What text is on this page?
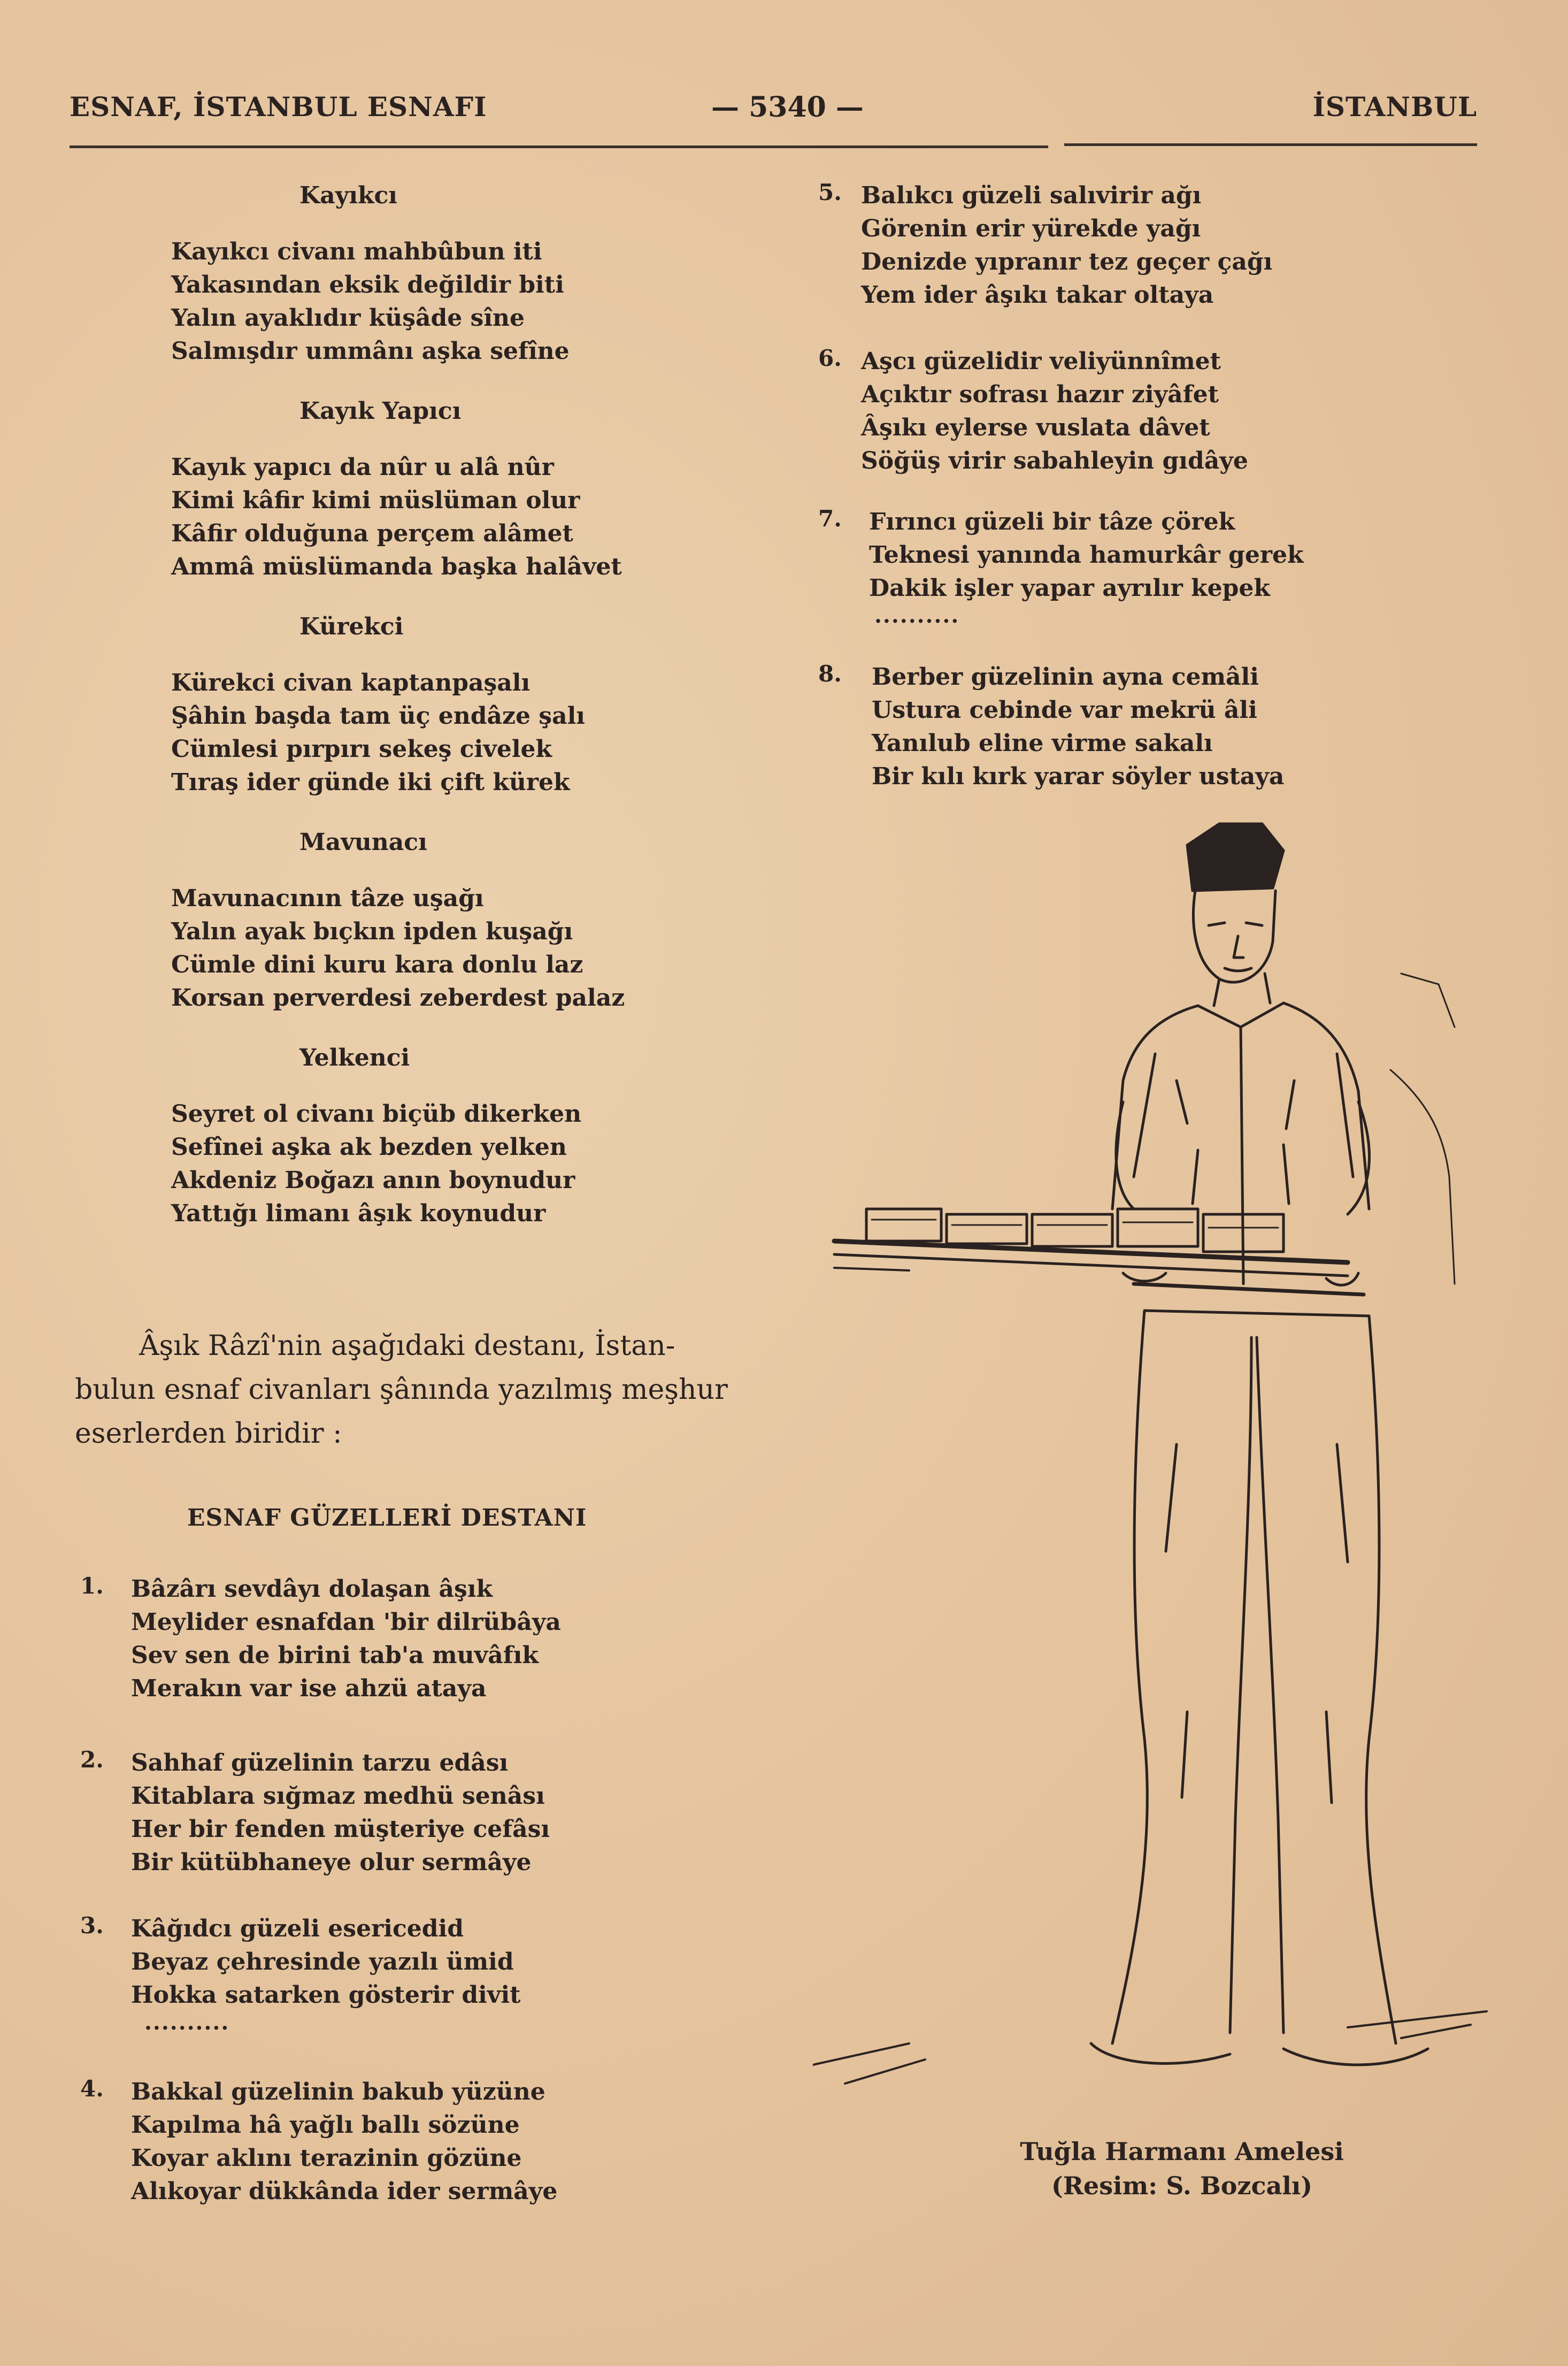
ESNAF, İSTANBUL ESNAFI	— 5340 —	İSTANBUL
Kayıkcı
Kayıkcı civanı mahbûbun iti
Yakasından eksik değildir biti
Yalın ayaklıdır küşâde sîne
Salmışdır ummânı aşka sefîne
Kayık Yapıcı
Kayık yapıcı da nûr u alâ nûr
Kimi kâfir kimi müslüman olur
Kâfir olduğuna perçem alâmet
Ammâ müslümanda başka halâvet
Kürekci
Kürekci civan kaptanpaşalı
Şâhin başda tam üç endâze şalı
Cümlesi pırpırı sekeş civelek
Tıraş ider günde iki çift kürek
Mavunacı
Mavunacının tâze uşağı
Yalın ayak bıçkın ipden kuşağı
Cümle dini kuru kara donlu laz
Korsan perverdesi zeberdest palaz
Yelkenci
Seyret ol civanı biçüb dikerken
Sefînei aşka ak bezden yelken
Akdeniz Boğazı anın boynudur
Yattığı limanı âşık koynudur
Âşık Râzî'nin aşağıdaki destanı, İstan-
bulun esnaf civanları şânında yazılmış meşhur
eserlerden biridir :
ESNAF GÜZELLERİ DESTANI
1. Bâzârı sevdâyı dolaşan âşık
Meylider esnafdan 'bir dilrübâya
Sev sen de birini tab'a muvâfık
Merakın var ise ahzü ataya
2. Sahhaf güzelinin tarzu edâsı
Kitablara sığmaz medhü senâsı
Her bir fenden müşteriye cefâsı
Bir kütübhaneye olur sermâye
3. Kâğıdcı güzeli esericedid
Beyaz çehresinde yazılı ümid
Hokka satarken gösterir divit
..........
4. Bakkal güzelinin bakub yüzüne
Kapılma hâ yağlı ballı sözüne
Koyar aklını terazinin gözüne
Alıkoyar dükkânda ider sermâye
5. Balıkcı güzeli salıvirir ağı
Görenin erir yürekde yağı
Denizde yıpranır tez geçer çağı
Yem ider âşıkı takar oltaya
6. Aşcı güzelidir veliyünnîmet
Açıktır sofrası hazır ziyâfet
Âşıkı eylerse vuslata dâvet
Söğüş virir sabahleyin gıdâye
7. Fırıncı güzeli bir tâze çörek
Teknesi yanında hamurkâr gerek
Dakik işler yapar ayrılır kepek
..........
8. Berber güzelinin ayna cemâli
Ustura cebinde var mekrü âli
Yanılub eline virme sakalı
Bir kılı kırk yarar söyler ustaya
Tuğla Harmanı Amelesi
(Resim: S. Bozcalı)
